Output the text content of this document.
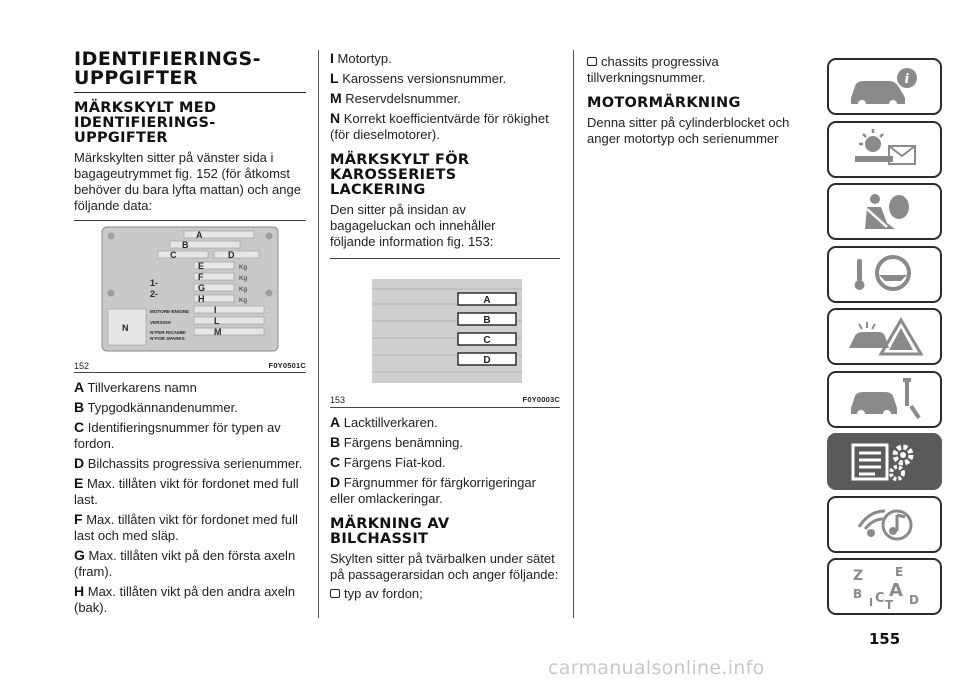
IDENTIFIERINGS-UPPGIFTER
MÄRKSKYLT MED IDENTIFIERINGS-UPPGIFTER

Märkskylten sitter på vänster sida i bagageutrymmet fig. 152 (för åtkomst behöver du bara lyfta mattan) och ange följande data:

A
B
C	D
E
F
G
H
I
L
M
N
1-
2-
Kg
Kg
Kg
Kg
MOTORE-ENGINE
VERSION
N°PER RICAMBI
N°FOR SPARES
152	F0Y0501C
A Tillverkarens namn
B Typgodkännandenummer.
C Identifieringsnummer för typen av fordon.
D Bilchassits progressiva serienummer.
E Max. tillåten vikt för fordonet med full last.
F Max. tillåten vikt för fordonet med full last och med släp.
G Max. tillåten vikt på den första axeln (fram).
H Max. tillåten vikt på den andra axeln (bak).
I Motortyp.
L Karossens versionsnummer.
M Reservdelsnummer.
N Korrekt koefficientvärde för rökighet (för dieselmotorer).
MÄRKSKYLT FÖR KAROSSERIETS LACKERING

Den sitter på insidan av bagageluckan och innehåller följande information fig. 153:

A
B
C
D
153	F0Y0003C
A Lacktillverkaren.
B Färgens benämning.
C Färgens Fiat-kod.
D Färgnummer för färgkorrigeringar eller omlackeringar.
MÄRKNING AV BILCHASSIT

Skylten sitter på tvärbalken under sätet på passagerarsidan och anger följande:

typ av fordon;
chassits progressiva tillverkningsnummer.
MOTORMÄRKNING

Denna sitter på cylinderblocket och anger motortyp och serienummer

i
Z	E
B A
I C T D
155
carmanualsonline.info
